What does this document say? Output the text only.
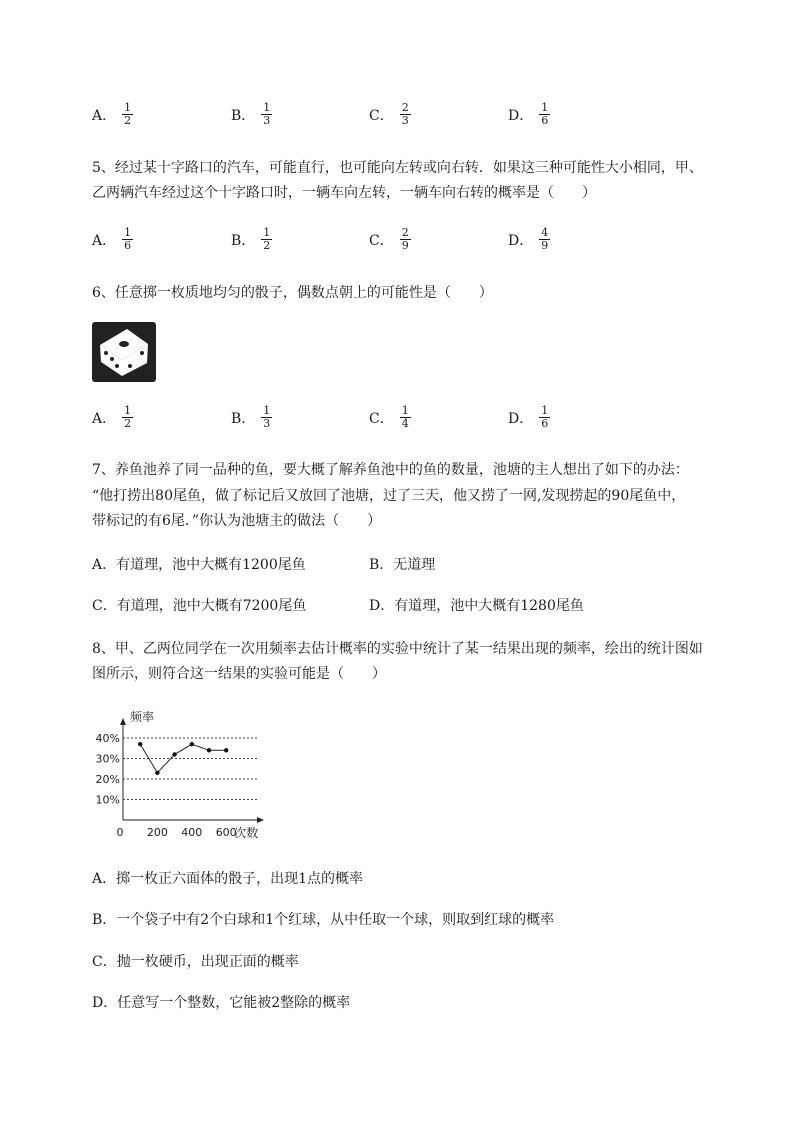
A． $\frac{1}{2}$	B． $\frac{1}{3}$	C． $\frac{2}{3}$	D． $\frac{1}{6}$
5、经过某十字路口的汽车，可能直行，也可能向左转或向右转．如果这三种可能性大小相同，甲、
乙两辆汽车经过这个十字路口时，一辆车向左转，一辆车向右转的概率是（　　）
A． $\frac{1}{6}$	B． $\frac{1}{2}$	C． $\frac{2}{9}$	D． $\frac{4}{9}$
6、任意掷一枚质地均匀的骰子，偶数点朝上的可能性是（　　）
A． $\frac{1}{2}$	B． $\frac{1}{3}$	C． $\frac{1}{4}$	D． $\frac{1}{6}$
7、养鱼池养了同一品种的鱼，要大概了解养鱼池中的鱼的数量，池塘的主人想出了如下的办法：
“他打捞出80尾鱼，做了标记后又放回了池塘，过了三天，他又捞了一网,发现捞起的90尾鱼中，
带标记的有6尾．”你认为池塘主的做法（　　）
A．有道理，池中大概有1200尾鱼	B．无道理
C．有道理，池中大概有7200尾鱼	D．有道理，池中大概有1280尾鱼
8、甲、乙两位同学在一次用频率去估计概率的实验中统计了某一结果出现的频率，绘出的统计图如
图所示，则符合这一结果的实验可能是（　　）
频率
10%
20%
30%
40%
0 200 400 600
次数
A．掷一枚正六面体的骰子，出现1点的概率
B．一个袋子中有2个白球和1个红球，从中任取一个球，则取到红球的概率
C．抛一枚硬币，出现正面的概率
D．任意写一个整数，它能被2整除的概率
